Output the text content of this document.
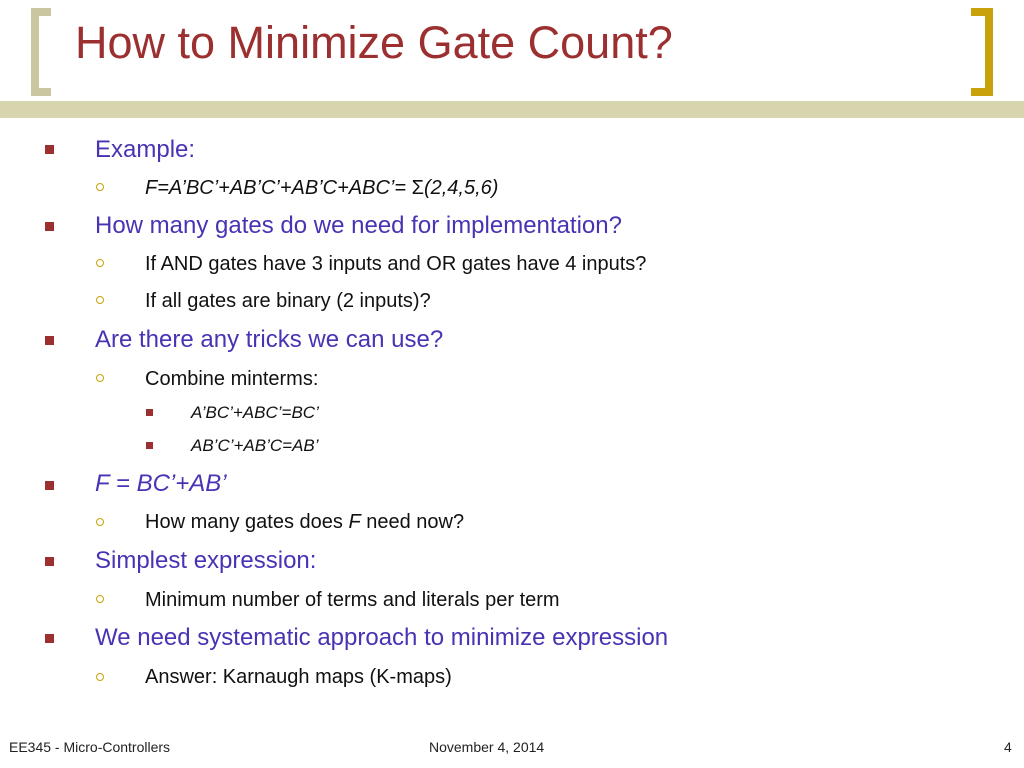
How to Minimize Gate Count?
Example:
F=A’BC’+AB’C’+AB’C+ABC’= Σ(2,4,5,6)
How many gates do we need for implementation?
If AND gates have 3 inputs and OR gates have 4 inputs?
If all gates are binary (2 inputs)?
Are there any tricks we can use?
Combine minterms:
A’BC’+ABC’=BC’
AB’C’+AB’C=AB’
F = BC’+AB’
How many gates does F need now?
Simplest expression:
Minimum number of terms and literals per term
We need systematic approach to minimize expression
Answer: Karnaugh maps (K-maps)
EE345 - Micro-Controllers	November 4, 2014	4
